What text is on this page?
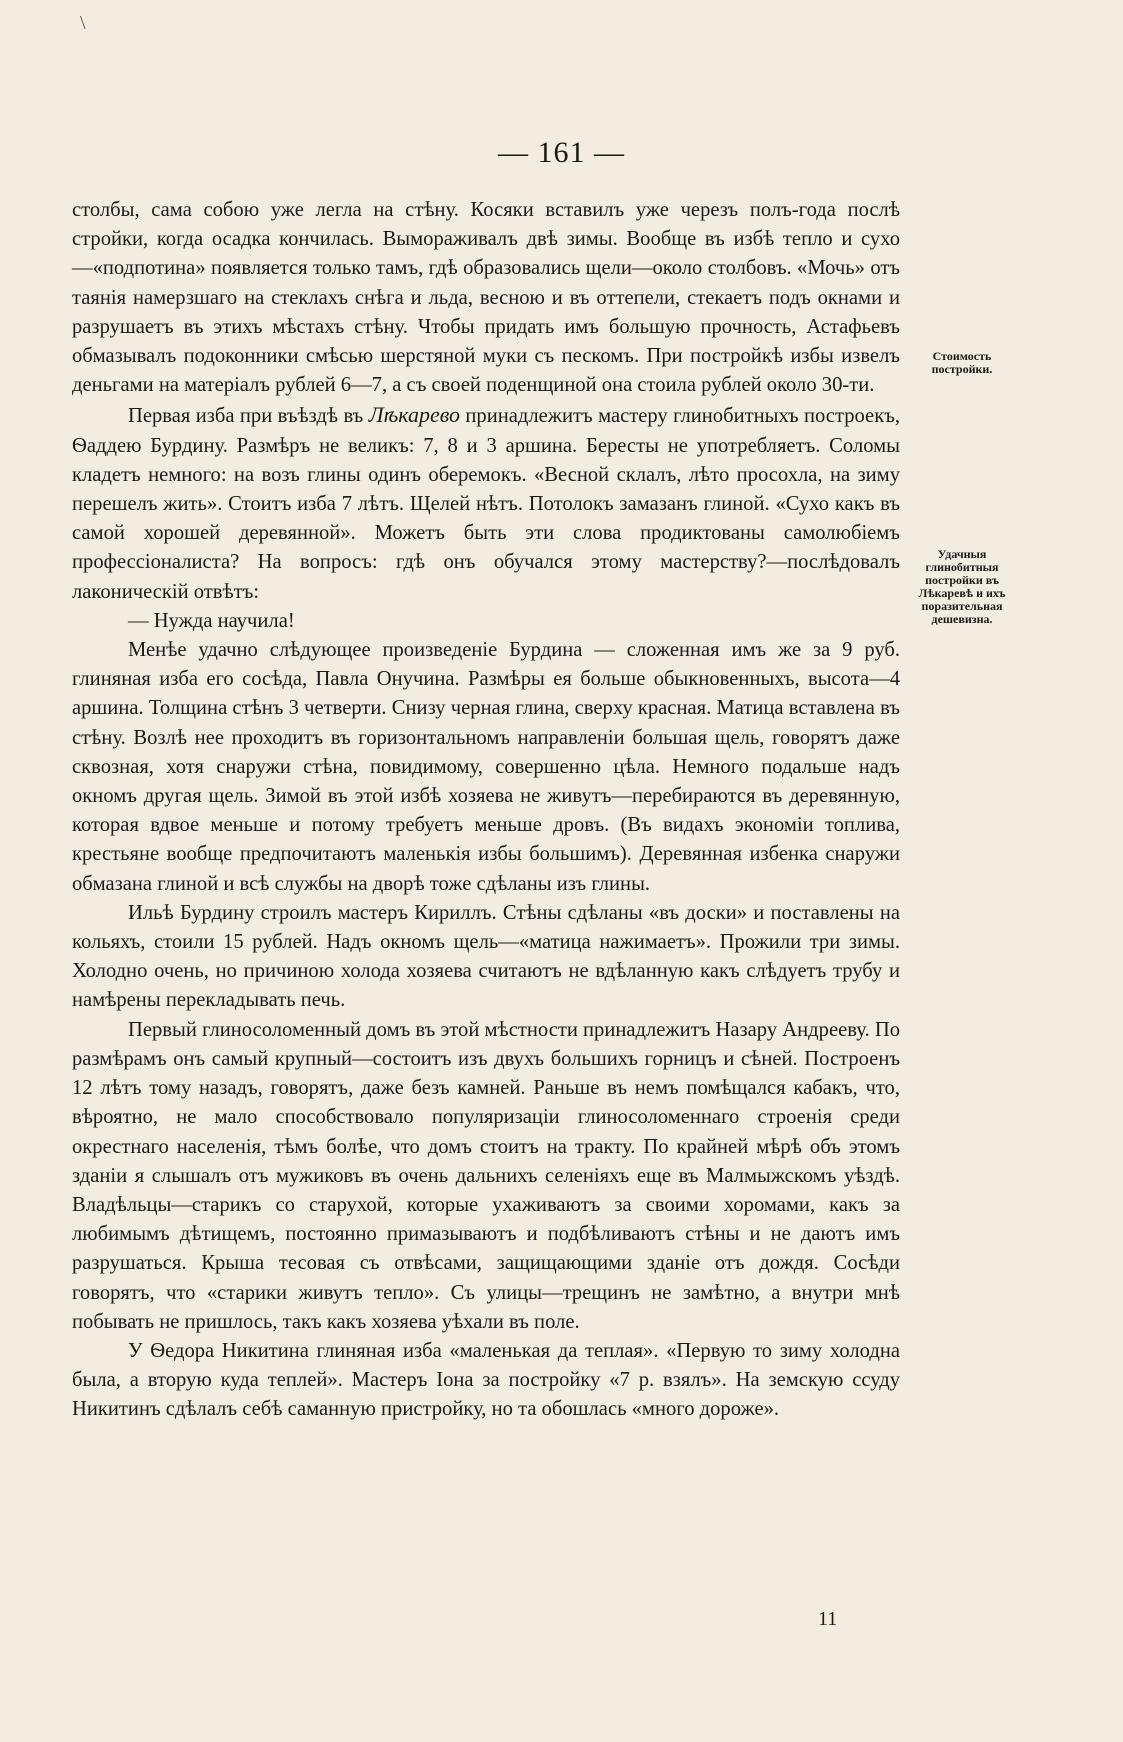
\
— 161 —

столбы, сама собою уже легла на стѣну. Косяки вставилъ уже черезъ полъ-года послѣ стройки, когда осадка кончилась. Вымораживалъ двѣ зимы. Вообще въ избѣ тепло и сухо—«подпотина» появляется только тамъ, гдѣ образовались щели—около столбовъ. «Мочь» отъ таянія намерзшаго на стеклахъ снѣга и льда, весною и въ оттепели, стекаетъ подъ окнами и разрушаетъ въ этихъ мѣстахъ стѣну. Чтобы придать имъ большую прочность, Астафьевъ обмазывалъ подоконники смѣсью шерстяной муки съ пескомъ. При постройкѣ избы извелъ деньгами на матеріалъ рублей 6—7, а съ своей поденщиной она стоила рублей около 30-ти.

Первая изба при въѣздѣ въ Лѣкарево принадлежитъ мастеру глинобитныхъ построекъ, Ѳаддею Бурдину. Размѣръ не великъ: 7, 8 и 3 аршина. Бересты не употребляетъ. Соломы кладетъ немного: на возъ глины одинъ оберемокъ. «Весной склалъ, лѣто просохла, на зиму перешелъ жить». Стоитъ изба 7 лѣтъ. Щелей нѣтъ. Потолокъ замазанъ глиной. «Сухо какъ въ самой хорошей деревянной». Можетъ быть эти слова продиктованы самолюбіемъ профессіоналиста? На вопросъ: гдѣ онъ обучался этому мастерству?—послѣдовалъ лаконическій отвѣтъ:

— Нужда научила!

Менѣе удачно слѣдующее произведеніе Бурдина — сложенная имъ же за 9 руб. глиняная изба его сосѣда, Павла Онучина. Размѣры ея больше обыкновенныхъ, высота—4 аршина. Толщина стѣнъ 3 четверти. Снизу черная глина, сверху красная. Матица вставлена въ стѣну. Возлѣ нее проходитъ въ горизонтальномъ направленіи большая щель, говорятъ даже сквозная, хотя снаружи стѣна, повидимому, совершенно цѣла. Немного подальше надъ окномъ другая щель. Зимой въ этой избѣ хозяева не живутъ—перебираются въ деревянную, которая вдвое меньше и потому требуетъ меньше дровъ. (Въ видахъ экономіи топлива, крестьяне вообще предпочитаютъ маленькія избы большимъ). Деревянная избенка снаружи обмазана глиной и всѣ службы на дворѣ тоже сдѣланы изъ глины.

Ильѣ Бурдину строилъ мастеръ Кириллъ. Стѣны сдѣланы «въ доски» и поставлены на кольяхъ, стоили 15 рублей. Надъ окномъ щель—«матица нажимаетъ». Прожили три зимы. Холодно очень, но причиною холода хозяева считаютъ не вдѣланную какъ слѣдуетъ трубу и намѣрены перекладывать печь.

Первый глиносоломенный домъ въ этой мѣстности принадлежитъ Назару Андрееву. По размѣрамъ онъ самый крупный—состоитъ изъ двухъ большихъ горницъ и сѣней. Построенъ 12 лѣтъ тому назадъ, говорятъ, даже безъ камней. Раньше въ немъ помѣщался кабакъ, что, вѣроятно, не мало способствовало популяризаціи глиносоломеннаго строенія среди окрестнаго населенія, тѣмъ болѣе, что домъ стоитъ на тракту. По крайней мѣрѣ объ этомъ зданіи я слышалъ отъ мужиковъ въ очень дальнихъ селеніяхъ еще въ Малмыжскомъ уѣздѣ. Владѣльцы—старикъ со старухой, которые ухаживаютъ за своими хоромами, какъ за любимымъ дѣтищемъ, постоянно примазываютъ и подбѣливаютъ стѣны и не даютъ имъ разрушаться. Крыша тесовая съ отвѣсами, защищающими зданіе отъ дождя. Сосѣди говорятъ, что «старики живутъ тепло». Съ улицы—трещинъ не замѣтно, а внутри мнѣ побывать не пришлось, такъ какъ хозяева уѣхали въ поле.

У Ѳедора Никитина глиняная изба «маленькая да теплая». «Первую то зиму холодна была, а вторую куда теплей». Мастеръ Іона за постройку «7 р. взялъ». На земскую ссуду Никитинъ сдѣлалъ себѣ саманную пристройку, но та обошлась «много дороже».

Стоимость постройки.
Удачныя глинобитныя постройки въ Лѣкаревѣ и ихъ поразительная дешевизна.
11
